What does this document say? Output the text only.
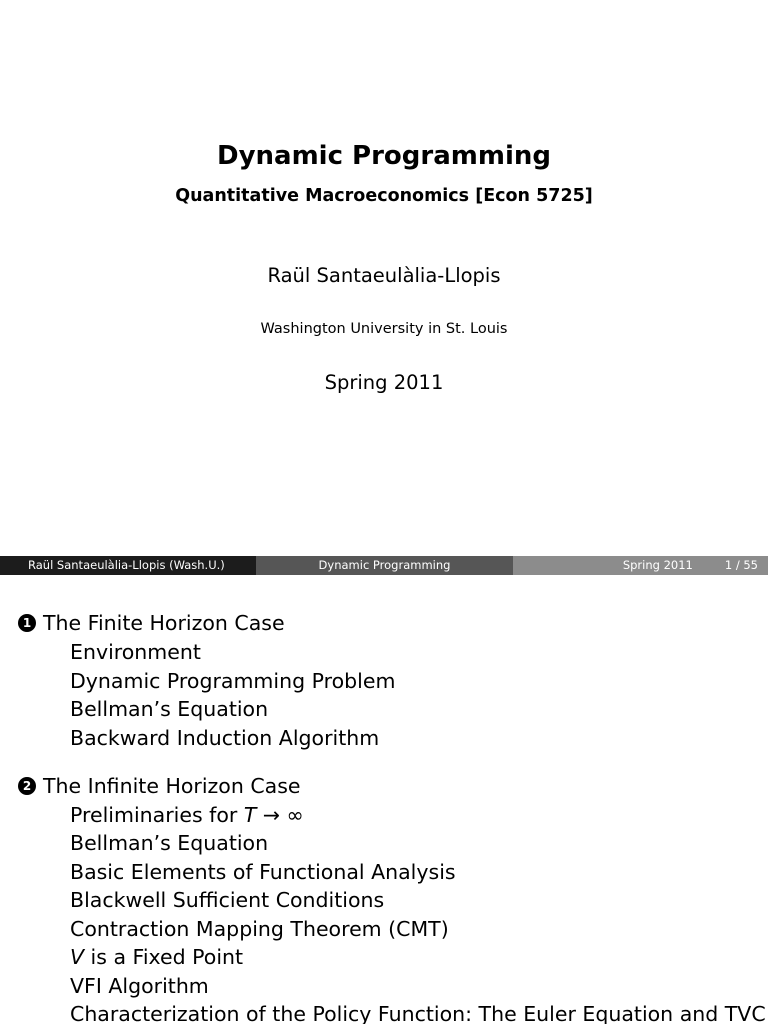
Dynamic Programming
Quantitative Macroeconomics [Econ 5725]
Raül Santaeulàlia-Llopis
Washington University in St. Louis
Spring 2011
Raül Santaeulàlia-Llopis (Wash.U.)	Dynamic Programming	Spring 2011	1 / 55
1 The Finite Horizon Case
Environment
Dynamic Programming Problem
Bellman’s Equation
Backward Induction Algorithm
2 The Infinite Horizon Case
Preliminaries for T → ∞
Bellman’s Equation
Basic Elements of Functional Analysis
Blackwell Sufficient Conditions
Contraction Mapping Theorem (CMT)
V is a Fixed Point
VFI Algorithm
Characterization of the Policy Function: The Euler Equation and TVC
